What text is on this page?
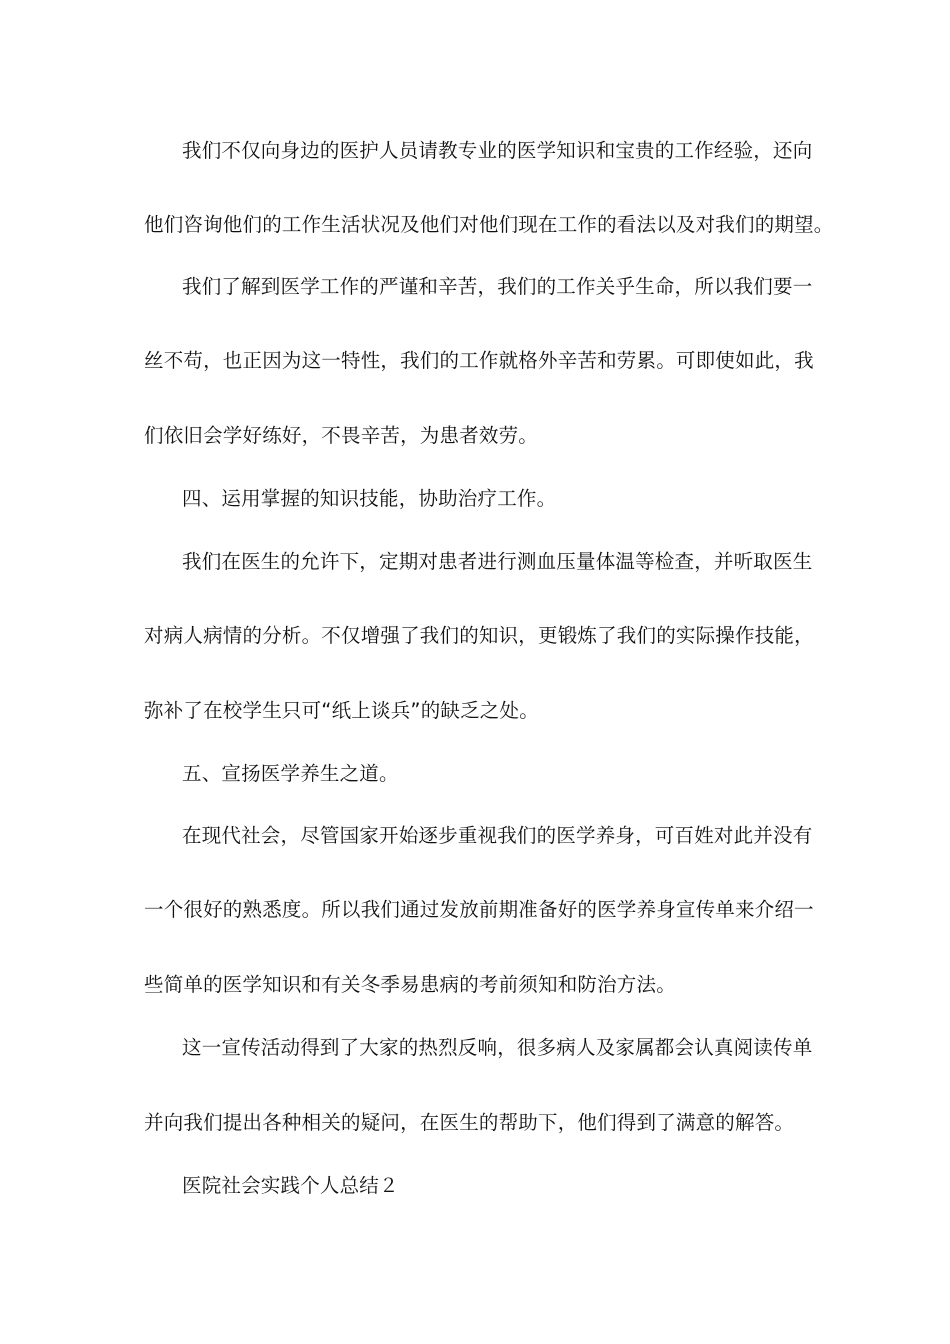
我们不仅向身边的医护人员请教专业的医学知识和宝贵的工作经验，还向
他们咨询他们的工作生活状况及他们对他们现在工作的看法以及对我们的期望。
我们了解到医学工作的严谨和辛苦，我们的工作关乎生命，所以我们要一
丝不苟，也正因为这一特性，我们的工作就格外辛苦和劳累。可即使如此，我
们依旧会学好练好，不畏辛苦，为患者效劳。
四、运用掌握的知识技能，协助治疗工作。
我们在医生的允许下，定期对患者进行测血压量体温等检查，并听取医生
对病人病情的分析。不仅增强了我们的知识，更锻炼了我们的实际操作技能，
弥补了在校学生只可“纸上谈兵”的缺乏之处。
五、宣扬医学养生之道。
在现代社会，尽管国家开始逐步重视我们的医学养身，可百姓对此并没有
一个很好的熟悉度。所以我们通过发放前期准备好的医学养身宣传单来介绍一
些简单的医学知识和有关冬季易患病的考前须知和防治方法。
这一宣传活动得到了大家的热烈反响，很多病人及家属都会认真阅读传单
并向我们提出各种相关的疑问，在医生的帮助下，他们得到了满意的解答。
医院社会实践个人总结２
